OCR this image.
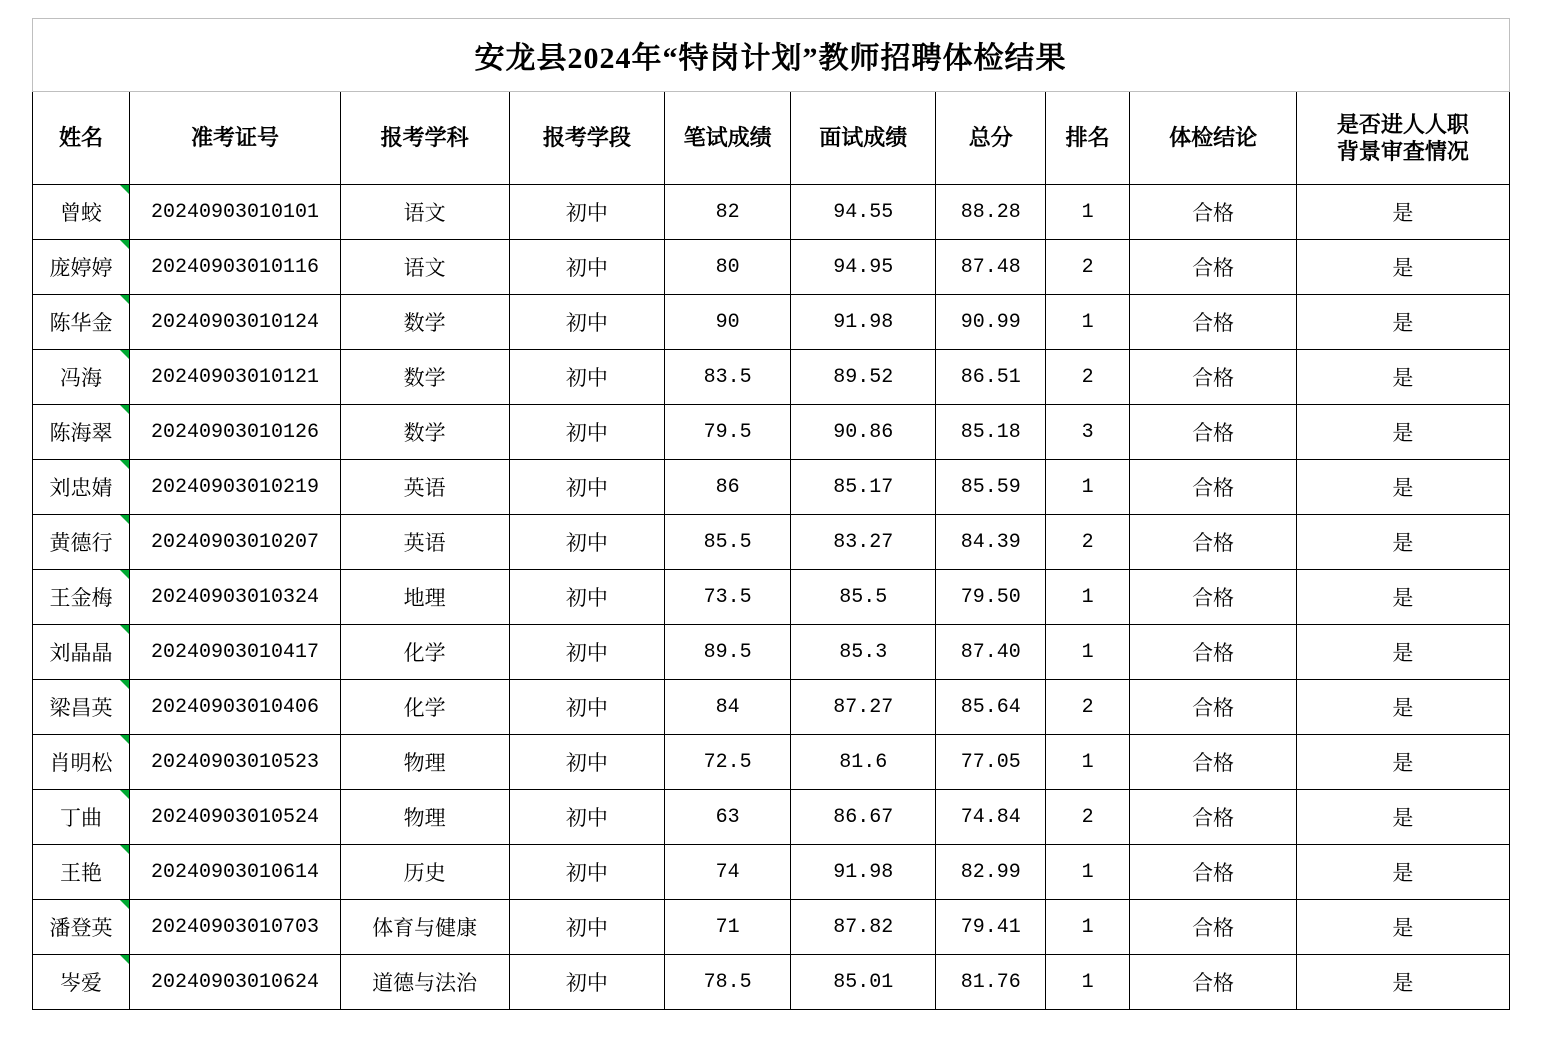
安龙县2024年“特岗计划”教师招聘体检结果									
姓名	准考证号	报考学科	报考学段	笔试成绩	面试成绩	总分	排名	体检结论	是否进人人职
背景审查情况

曾蛟	20240903010101	语文	初中	82	94.55	88.28	1	合格	是
庞婷婷	20240903010116	语文	初中	80	94.95	87.48	2	合格	是
陈华金	20240903010124	数学	初中	90	91.98	90.99	1	合格	是
冯海	20240903010121	数学	初中	83.5	89.52	86.51	2	合格	是
陈海翠	20240903010126	数学	初中	79.5	90.86	85.18	3	合格	是
刘忠婧	20240903010219	英语	初中	86	85.17	85.59	1	合格	是
黄德行	20240903010207	英语	初中	85.5	83.27	84.39	2	合格	是
王金梅	20240903010324	地理	初中	73.5	85.5	79.50	1	合格	是
刘晶晶	20240903010417	化学	初中	89.5	85.3	87.40	1	合格	是
梁昌英	20240903010406	化学	初中	84	87.27	85.64	2	合格	是
肖明松	20240903010523	物理	初中	72.5	81.6	77.05	1	合格	是
丁曲	20240903010524	物理	初中	63	86.67	74.84	2	合格	是
王艳	20240903010614	历史	初中	74	91.98	82.99	1	合格	是
潘登英	20240903010703	体育与健康	初中	71	87.82	79.41	1	合格	是
岑爱	20240903010624	道德与法治	初中	78.5	85.01	81.76	1	合格	是
